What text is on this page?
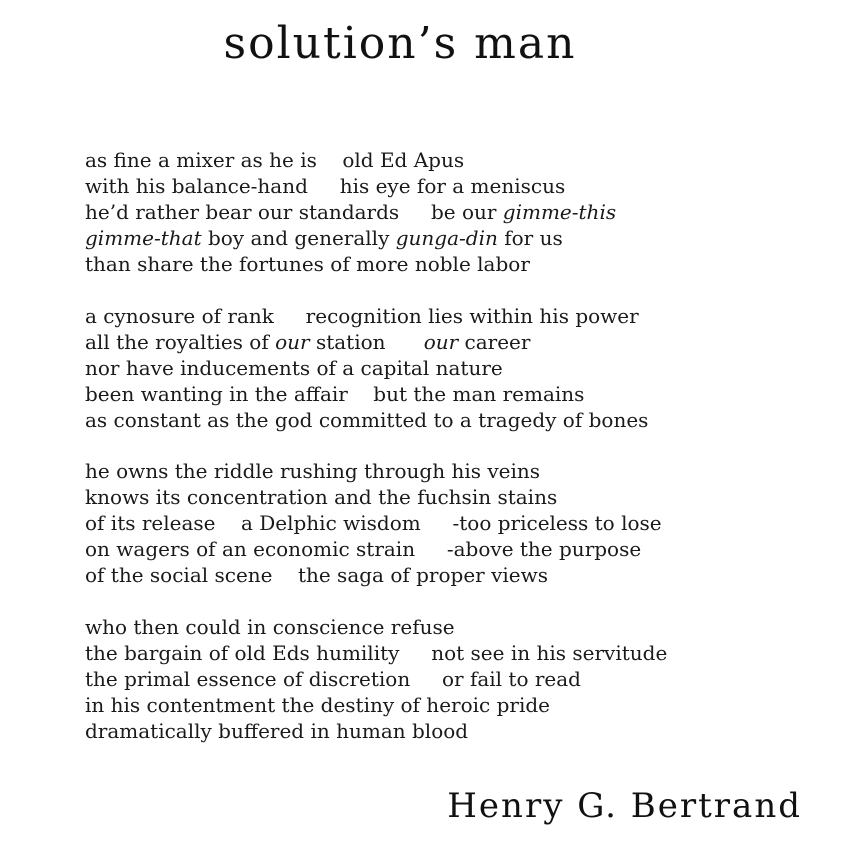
solution’s man
as fine a mixer as he is    old Ed Apus
with his balance-hand     his eye for a meniscus
he’d rather bear our standards     be our gimme-this
gimme-that boy and generally gunga-din for us
than share the fortunes of more noble labor
a cynosure of rank     recognition lies within his power
all the royalties of our station      our career
nor have inducements of a capital nature
been wanting in the affair    but the man remains
as constant as the god committed to a tragedy of bones
he owns the riddle rushing through his veins
knows its concentration and the fuchsin stains
of its release    a Delphic wisdom     -too priceless to lose
on wagers of an economic strain     -above the purpose
of the social scene    the saga of proper views
who then could in conscience refuse
the bargain of old Eds humility     not see in his servitude
the primal essence of discretion     or fail to read
in his contentment the destiny of heroic pride
dramatically buffered in human blood
Henry G. Bertrand
